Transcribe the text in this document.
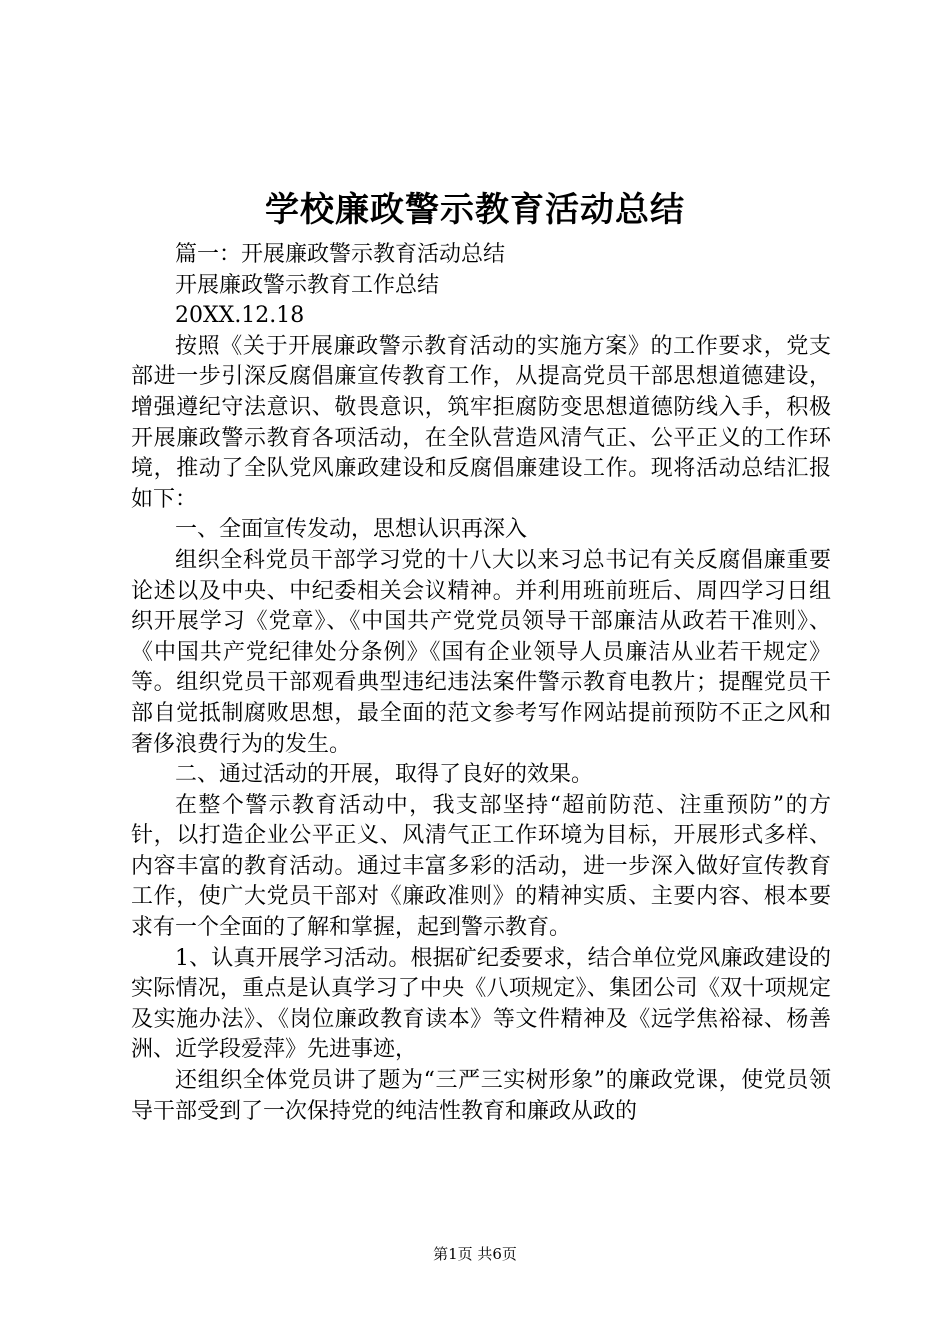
学校廉政警示教育活动总结

篇一：开展廉政警示教育活动总结

开展廉政警示教育工作总结

20XX.12.18

按照《关于开展廉政警示教育活动的实施方案》的工作要求，党支部进一步引深反腐倡廉宣传教育工作，从提高党员干部思想道德建设，增强遵纪守法意识、敬畏意识，筑牢拒腐防变思想道德防线入手，积极开展廉政警示教育各项活动，在全队营造风清气正、公平正义的工作环境，推动了全队党风廉政建设和反腐倡廉建设工作。现将活动总结汇报如下：

一、全面宣传发动，思想认识再深入

组织全科党员干部学习党的十八大以来习总书记有关反腐倡廉重要论述以及中央、中纪委相关会议精神。并利用班前班后、周四学习日组织开展学习《党章》、《中国共产党党员领导干部廉洁从政若干准则》、《中国共产党纪律处分条例》《国有企业领导人员廉洁从业若干规定》等。组织党员干部观看典型违纪违法案件警示教育电教片；提醒党员干部自觉抵制腐败思想，最全面的范文参考写作网站提前预防不正之风和奢侈浪费行为的发生。

二、通过活动的开展，取得了良好的效果。

在整个警示教育活动中，我支部坚持“超前防范、注重预防”的方针，以打造企业公平正义、风清气正工作环境为目标，开展形式多样、内容丰富的教育活动。通过丰富多彩的活动，进一步深入做好宣传教育工作，使广大党员干部对《廉政准则》的精神实质、主要内容、根本要求有一个全面的了解和掌握，起到警示教育。

1、认真开展学习活动。根据矿纪委要求，结合单位党风廉政建设的实际情况，重点是认真学习了中央《八项规定》、集团公司《双十项规定及实施办法》、《岗位廉政教育读本》等文件精神及《远学焦裕禄、杨善洲、近学段爱萍》先进事迹，

还组织全体党员讲了题为“三严三实树形象”的廉政党课，使党员领导干部受到了一次保持党的纯洁性教育和廉政从政的

第1页 共6页
